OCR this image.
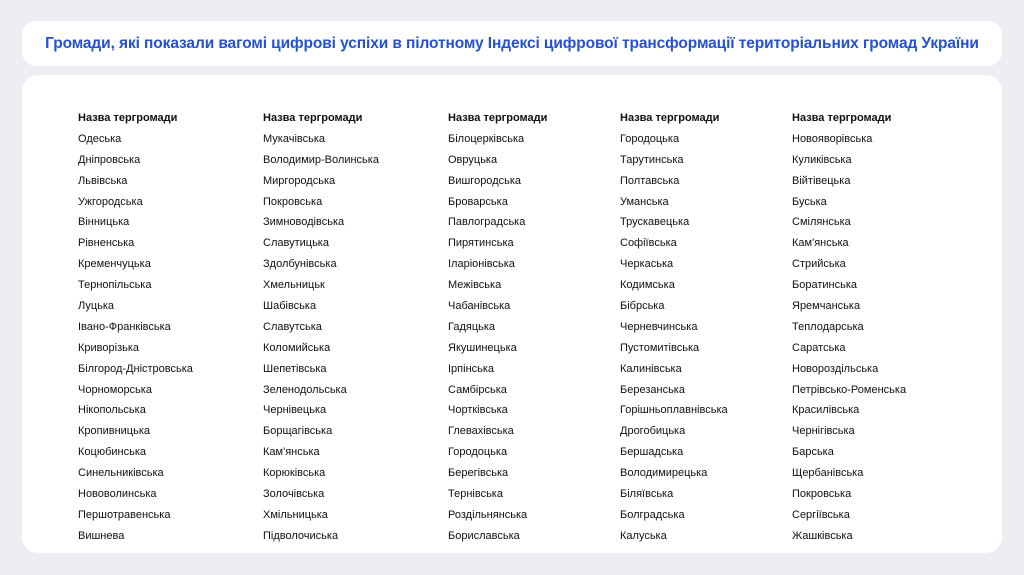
Громади, які показали вагомі цифрові успіхи в пілотному Індексі цифрової трансформації територіальних громад України
Назва тергромади
Одеська
Дніпровська
Львівська
Ужгородська
Вінницька
Рівненська
Кременчуцька
Тернопільська
Луцька
Івано-Франківська
Криворізька
Білгород-Дністровська
Чорноморська
Нікопольська
Кропивницька
Коцюбинська
Синельниківська
Нововолинська
Першотравенська
Вишнева
Назва тергромади
Мукачівська
Володимир-Волинська
Миргородська
Покровська
Зимноводівська
Славутицька
Здолбунівська
Хмельницьк
Шабівська
Славутська
Коломийська
Шепетівська
Зеленодольська
Чернівецька
Борщагівська
Кам'янська
Корюківська
Золочівська
Хмільницька
Підволочиська
Назва тергромади
Білоцерківська
Овруцька
Вишгородська
Броварська
Павлоградська
Пирятинська
Іларіонівська
Межівська
Чабанівська
Гадяцька
Якушинецька
Ірпінська
Самбірська
Чортківська
Глевахівська
Городоцька
Берегівська
Тернівська
Роздільнянська
Бориславська
Назва тергромади
Городоцька
Тарутинська
Полтавська
Уманська
Трускавецька
Софіївська
Черкаська
Кодимська
Бібрська
Черневчинська
Пустомитівська
Калинівська
Березанська
Горішньоплавнівська
Дрогобицька
Бершадська
Володимирецька
Біляївська
Болградська
Калуська
Назва тергромади
Новояворівська
Куликівська
Війтівецька
Буська
Смілянська
Кам'янська
Стрийська
Боратинська
Яремчанська
Теплодарська
Саратська
Новороздільська
Петрівсько-Роменська
Красилівська
Чернігівська
Барська
Щербанівська
Покровська
Сергіївська
Жашківська
